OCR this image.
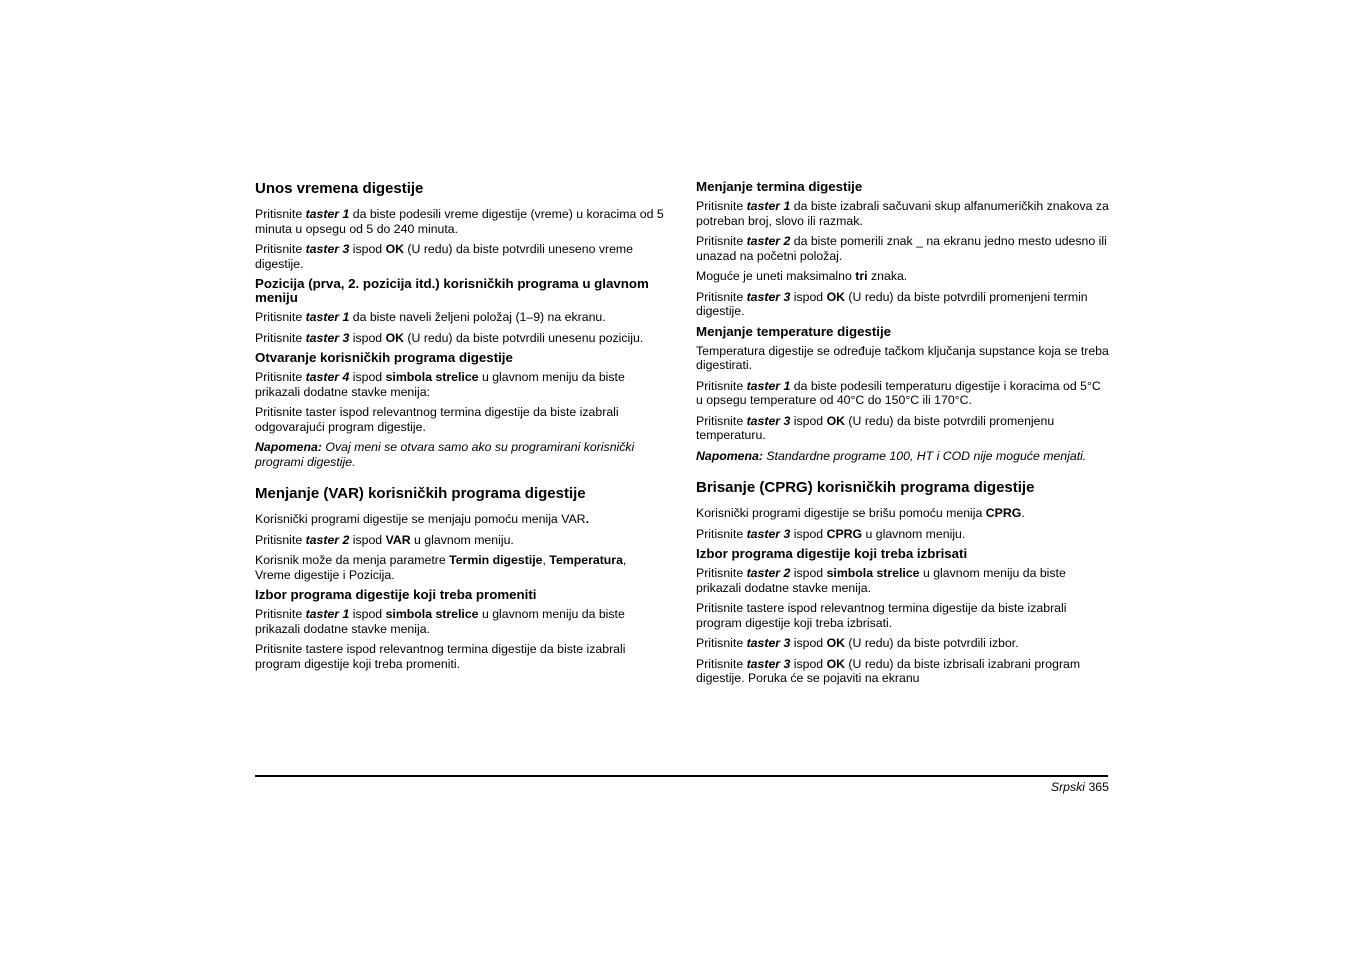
Unos vremena digestije

Pritisnite taster 1 da biste podesili vreme digestije (vreme) u koracima od 5 minuta u opsegu od 5 do 240 minuta.

Pritisnite taster 3 ispod OK (U redu) da biste potvrdili uneseno vreme digestije.

Pozicija (prva, 2. pozicija itd.) korisničkih programa u glavnom meniju

Pritisnite taster 1 da biste naveli željeni položaj (1–9) na ekranu.

Pritisnite taster 3 ispod OK (U redu) da biste potvrdili unesenu poziciju.

Otvaranje korisničkih programa digestije

Pritisnite taster 4 ispod simbola strelice u glavnom meniju da biste prikazali dodatne stavke menija:

Pritisnite taster ispod relevantnog termina digestije da biste izabrali odgovarajući program digestije.

Napomena: Ovaj meni se otvara samo ako su programirani korisnički programi digestije.

Menjanje (VAR) korisničkih programa digestije

Korisnički programi digestije se menjaju pomoću menija VAR.

Pritisnite taster 2 ispod VAR u glavnom meniju.

Korisnik može da menja parametre Termin digestije, Temperatura, Vreme digestije i Pozicija.

Izbor programa digestije koji treba promeniti

Pritisnite taster 1 ispod simbola strelice u glavnom meniju da biste prikazali dodatne stavke menija.

Pritisnite tastere ispod relevantnog termina digestije da biste izabrali program digestije koji treba promeniti.

Menjanje termina digestije

Pritisnite taster 1 da biste izabrali sačuvani skup alfanumeričkih znakova za potreban broj, slovo ili razmak.

Pritisnite taster 2 da biste pomerili znak _ na ekranu jedno mesto udesno ili unazad na početni položaj.

Moguće je uneti maksimalno tri znaka.

Pritisnite taster 3 ispod OK (U redu) da biste potvrdili promenjeni termin digestije.

Menjanje temperature digestije

Temperatura digestije se određuje tačkom ključanja supstance koja se treba digestirati.

Pritisnite taster 1 da biste podesili temperaturu digestije i koracima od 5°C u opsegu temperature od 40°C do 150°C ili 170°C.

Pritisnite taster 3 ispod OK (U redu) da biste potvrdili promenjenu temperaturu.

Napomena: Standardne programe 100, HT i COD nije moguće menjati.

Brisanje (CPRG) korisničkih programa digestije

Korisnički programi digestije se brišu pomoću menija CPRG.

Pritisnite taster 3 ispod CPRG u glavnom meniju.

Izbor programa digestije koji treba izbrisati

Pritisnite taster 2 ispod simbola strelice u glavnom meniju da biste prikazali dodatne stavke menija.

Pritisnite tastere ispod relevantnog termina digestije da biste izabrali program digestije koji treba izbrisati.

Pritisnite taster 3 ispod OK (U redu) da biste potvrdili izbor.

Pritisnite taster 3 ispod OK (U redu) da biste izbrisali izabrani program digestije. Poruka će se pojaviti na ekranu

Srpski 365
